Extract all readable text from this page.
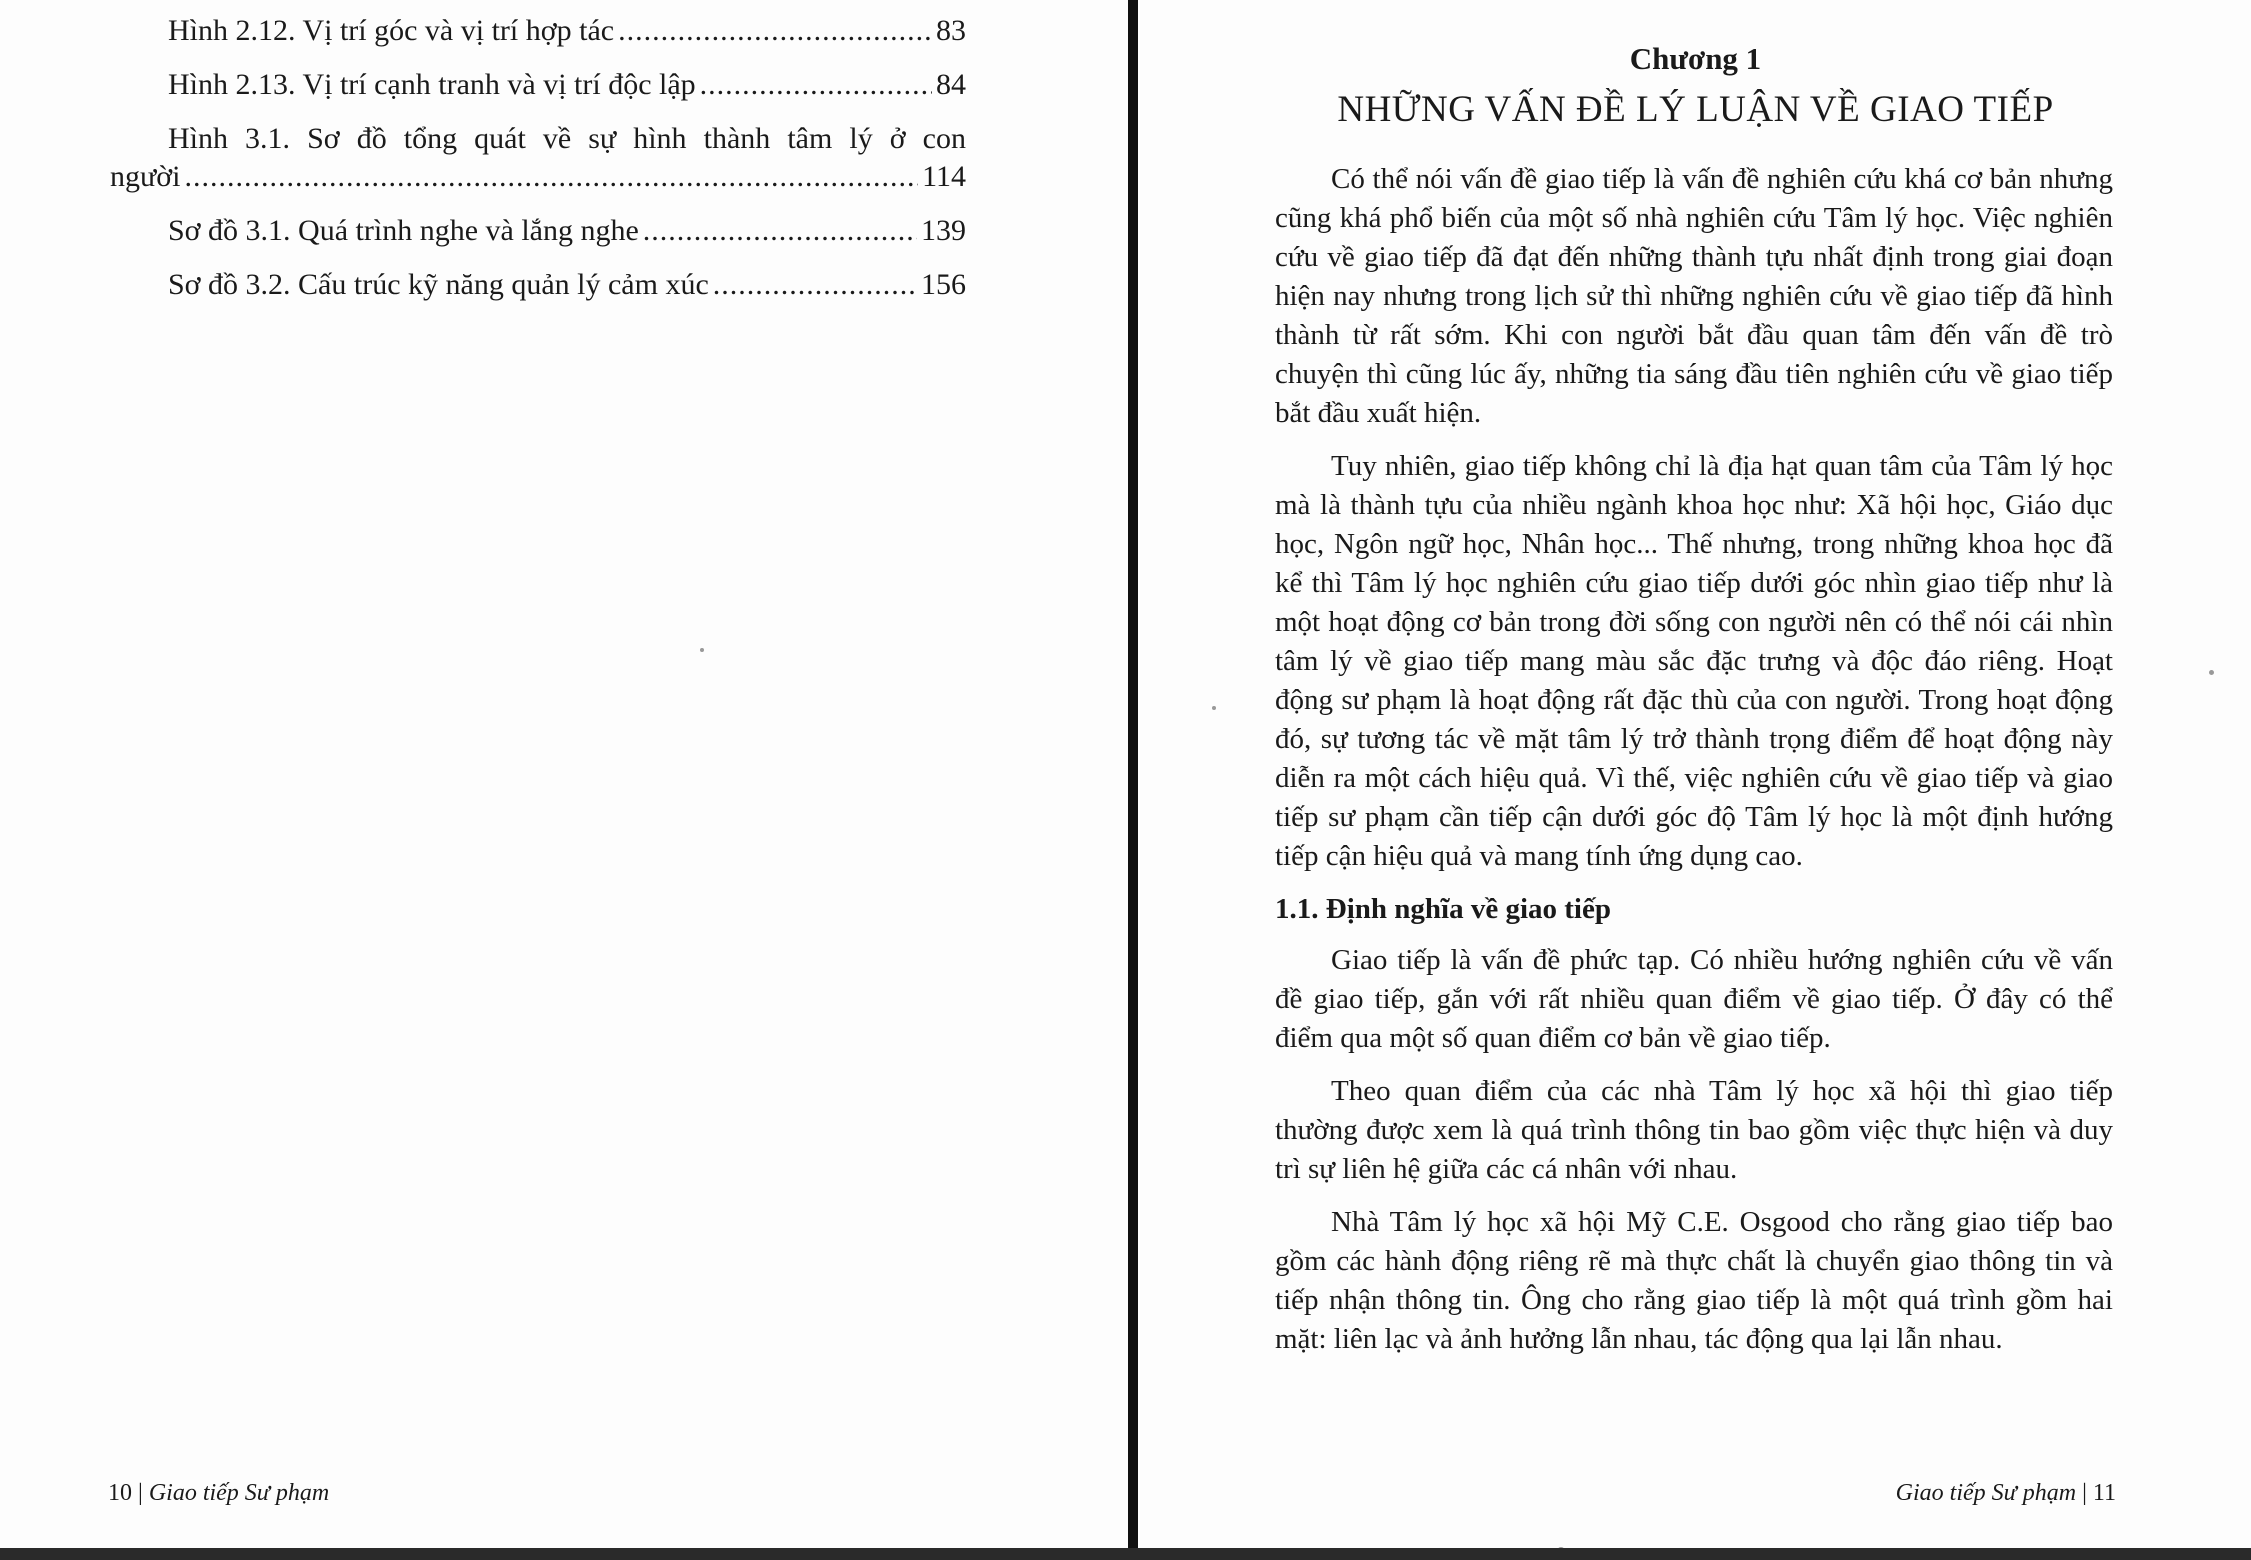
Hình 2.12. Vị trí góc và vị trí hợp tác .....	83
Hình 2.13. Vị trí cạnh tranh và vị trí độc lập .....	84
Hình 3.1. Sơ đồ tổng quát về sự hình thành tâm lý ở con
người .....	114
Sơ đồ 3.1. Quá trình nghe và lắng nghe .....	139
Sơ đồ 3.2. Cấu trúc kỹ năng quản lý cảm xúc .....	156
10 | Giao tiếp Sư phạm
Chương 1
NHỮNG VẤN ĐỀ LÝ LUẬN VỀ GIAO TIẾP

Có thể nói vấn đề giao tiếp là vấn đề nghiên cứu khá cơ bản nhưng cũng khá phổ biến của một số nhà nghiên cứu Tâm lý học. Việc nghiên cứu về giao tiếp đã đạt đến những thành tựu nhất định trong giai đoạn hiện nay nhưng trong lịch sử thì những nghiên cứu về giao tiếp đã hình thành từ rất sớm. Khi con người bắt đầu quan tâm đến vấn đề trò chuyện thì cũng lúc ấy, những tia sáng đầu tiên nghiên cứu về giao tiếp bắt đầu xuất hiện.

Tuy nhiên, giao tiếp không chỉ là địa hạt quan tâm của Tâm lý học mà là thành tựu của nhiều ngành khoa học như: Xã hội học, Giáo dục học, Ngôn ngữ học, Nhân học... Thế nhưng, trong những khoa học đã kể thì Tâm lý học nghiên cứu giao tiếp dưới góc nhìn giao tiếp như là một hoạt động cơ bản trong đời sống con người nên có thể nói cái nhìn tâm lý về giao tiếp mang màu sắc đặc trưng và độc đáo riêng. Hoạt động sư phạm là hoạt động rất đặc thù của con người. Trong hoạt động đó, sự tương tác về mặt tâm lý trở thành trọng điểm để hoạt động này diễn ra một cách hiệu quả. Vì thế, việc nghiên cứu về giao tiếp và giao tiếp sư phạm cần tiếp cận dưới góc độ Tâm lý học là một định hướng tiếp cận hiệu quả và mang tính ứng dụng cao.

1.1. Định nghĩa về giao tiếp

Giao tiếp là vấn đề phức tạp. Có nhiều hướng nghiên cứu về vấn đề giao tiếp, gắn với rất nhiều quan điểm về giao tiếp. Ở đây có thể điểm qua một số quan điểm cơ bản về giao tiếp.

Theo quan điểm của các nhà Tâm lý học xã hội thì giao tiếp thường được xem là quá trình thông tin bao gồm việc thực hiện và duy trì sự liên hệ giữa các cá nhân với nhau.

Nhà Tâm lý học xã hội Mỹ C.E. Osgood cho rằng giao tiếp bao gồm các hành động riêng rẽ mà thực chất là chuyển giao thông tin và tiếp nhận thông tin. Ông cho rằng giao tiếp là một quá trình gồm hai mặt: liên lạc và ảnh hưởng lẫn nhau, tác động qua lại lẫn nhau.

Giao tiếp Sư phạm | 11
